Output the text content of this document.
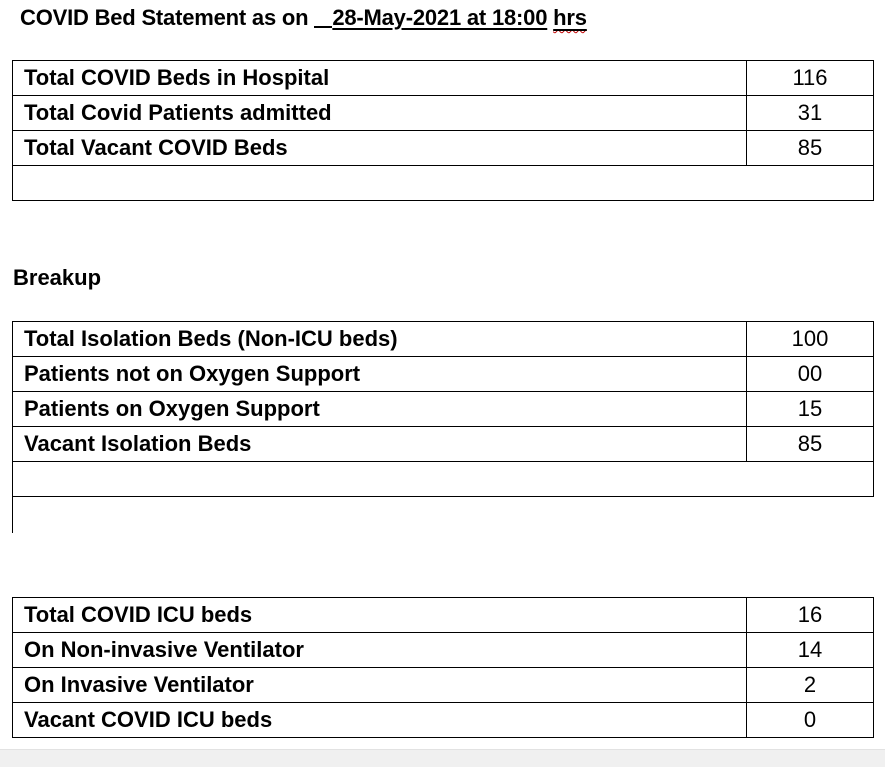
COVID Bed Statement as on 28-May-2021 at 18:00 hrs
Total COVID Beds in Hospital	116
Total Covid Patients admitted	31
Total Vacant COVID Beds	85

Breakup
Total Isolation Beds (Non-ICU beds)	100
Patients not on Oxygen Support	00
Patients on Oxygen Support	15
Vacant Isolation Beds	85

Total COVID ICU beds	16
On Non-invasive Ventilator	14
On Invasive Ventilator	2
Vacant COVID ICU beds	0
